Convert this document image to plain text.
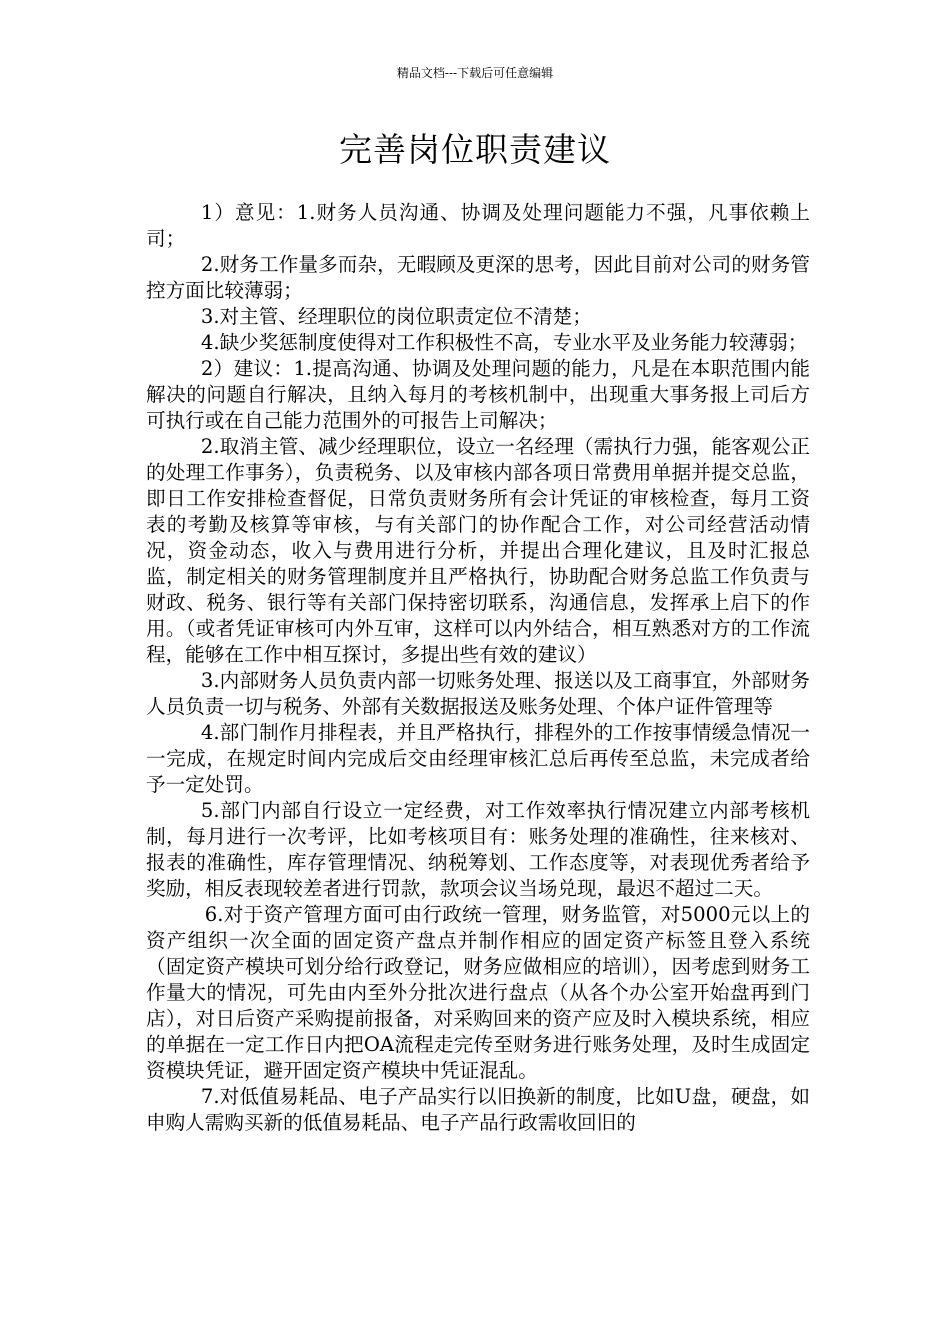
精品文档---下载后可任意编辑
完善岗位职责建议

1）意见：1.财务人员沟通、协调及处理问题能力不强，凡事依赖上司；

2.财务工作量多而杂，无暇顾及更深的思考，因此目前对公司的财务管控方面比较薄弱；

3.对主管、经理职位的岗位职责定位不清楚；

4.缺少奖惩制度使得对工作积极性不高，专业水平及业务能力较薄弱；

2）建议：1.提高沟通、协调及处理问题的能力，凡是在本职范围内能解决的问题自行解决，且纳入每月的考核机制中，出现重大事务报上司后方可执行或在自己能力范围外的可报告上司解决；

2.取消主管、减少经理职位，设立一名经理（需执行力强，能客观公正的处理工作事务），负责税务、以及审核内部各项日常费用单据并提交总监，即日工作安排检查督促，日常负责财务所有会计凭证的审核检查，每月工资表的考勤及核算等审核，与有关部门的协作配合工作，对公司经营活动情况，资金动态，收入与费用进行分析，并提出合理化建议，且及时汇报总监，制定相关的财务管理制度并且严格执行，协助配合财务总监工作负责与财政、税务、银行等有关部门保持密切联系，沟通信息，发挥承上启下的作用。（或者凭证审核可内外互审，这样可以内外结合，相互熟悉对方的工作流程，能够在工作中相互探讨，多提出些有效的建议）

3.内部财务人员负责内部一切账务处理、报送以及工商事宜，外部财务人员负责一切与税务、外部有关数据报送及账务处理、个体户证件管理等

4.部门制作月排程表，并且严格执行，排程外的工作按事情缓急情况一一完成，在规定时间内完成后交由经理审核汇总后再传至总监，未完成者给予一定处罚。

5.部门内部自行设立一定经费，对工作效率执行情况建立内部考核机制，每月进行一次考评，比如考核项目有：账务处理的准确性，往来核对、报表的准确性，库存管理情况、纳税筹划、工作态度等，对表现优秀者给予奖励，相反表现较差者进行罚款，款项会议当场兑现，最迟不超过二天。

6.对于资产管理方面可由行政统一管理，财务监管，对5000元以上的资产组织一次全面的固定资产盘点并制作相应的固定资产标签且登入系统（固定资产模块可划分给行政登记，财务应做相应的培训），因考虑到财务工作量大的情况，可先由内至外分批次进行盘点（从各个办公室开始盘再到门店），对日后资产采购提前报备，对采购回来的资产应及时入模块系统，相应的单据在一定工作日内把OA流程走完传至财务进行账务处理，及时生成固定资模块凭证，避开固定资产模块中凭证混乱。

7.对低值易耗品、电子产品实行以旧换新的制度，比如U盘，硬盘，如申购人需购买新的低值易耗品、电子产品行政需收回旧的
